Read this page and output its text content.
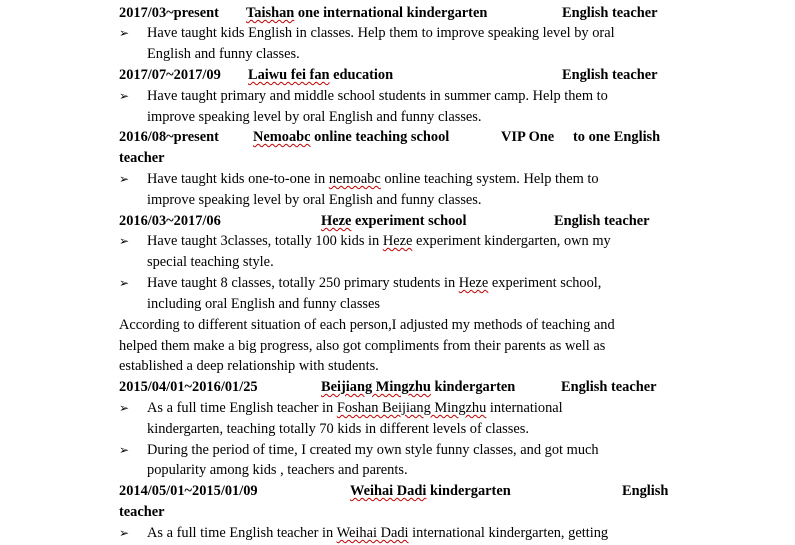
2017/03~present Taishan one international kindergarten	English teacher
➢ Have taught kids English in classes. Help them to improve speaking level by oral
English and funny classes.
2017/07~2017/09 Laiwu fei fan education	English teacher
➢ Have taught primary and middle school students in summer camp. Help them to
improve speaking level by oral English and funny classes.
2016/08~present Nemoabc online teaching school	VIP One to one English
teacher
➢ Have taught kids one-to-one in nemoabc online teaching system. Help them to
improve speaking level by oral English and funny classes.
2016/03~2017/06	Heze experiment school	English teacher
➢ Have taught 3classes, totally 100 kids in Heze experiment kindergarten, own my
special teaching style.
➢ Have taught 8 classes, totally 250 primary students in Heze experiment school,
including oral English and funny classes
According to different situation of each person,I adjusted my methods of teaching and
helped them make a big progress, also got compliments from their parents as well as
established a deep relationship with students.
2015/04/01~2016/01/25	Beijiang Mingzhu kindergarten	English teacher
➢ As a full time English teacher in Foshan Beijiang Mingzhu international
kindergarten, teaching totally 70 kids in different levels of classes.
➢ During the period of time, I created my own style funny classes, and got much
popularity among kids , teachers and parents.
2014/05/01~2015/01/09	Weihai Dadi kindergarten	English
teacher
➢ As a full time English teacher in Weihai Dadi international kindergarten, getting
